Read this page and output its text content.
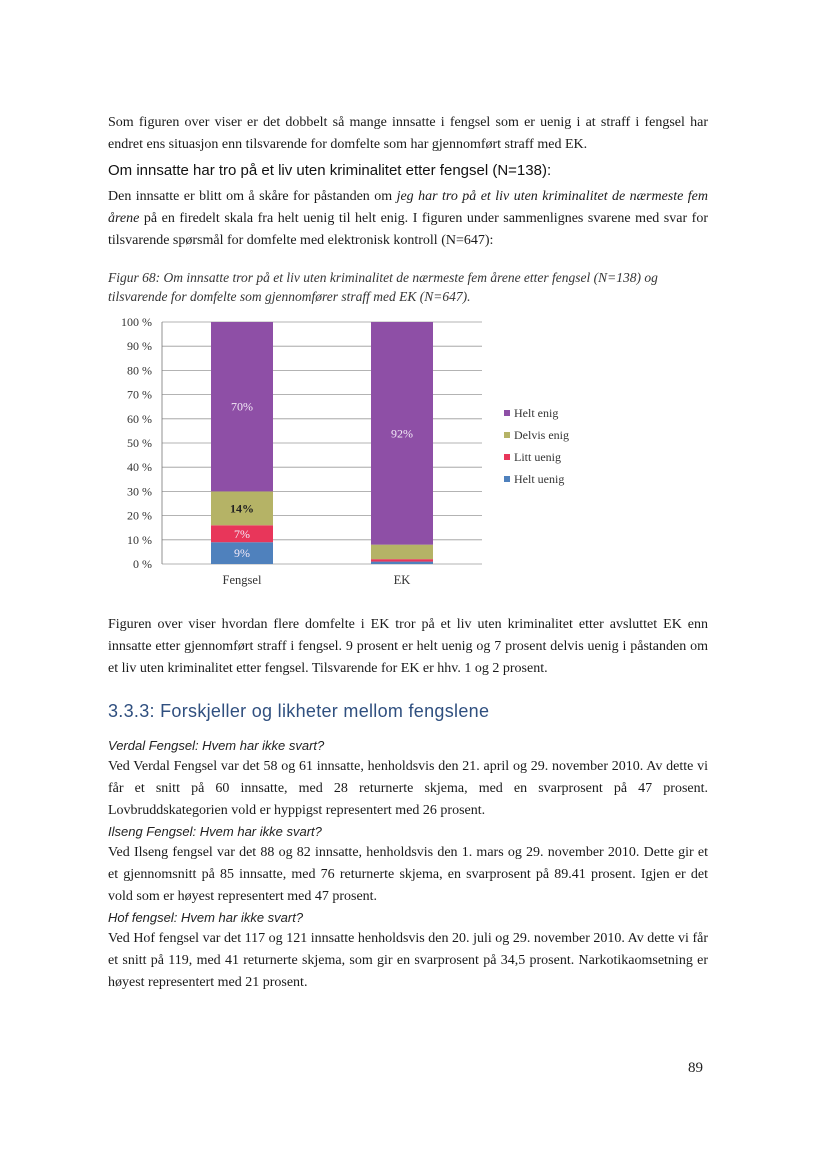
Som figuren over viser er det dobbelt så mange innsatte i fengsel som er uenig i at straff i fengsel har endret ens situasjon enn tilsvarende for domfelte som har gjennomført straff med EK.

Om innsatte har tro på et liv uten kriminalitet etter fengsel (N=138):

Den innsatte er blitt om å skåre for påstanden om jeg har tro på et liv uten kriminalitet de nærmeste fem årene på en firedelt skala fra helt uenig til helt enig. I figuren under sammenlignes svarene med svar for tilsvarende spørsmål for domfelte med elektronisk kontroll (N=647):

Figur 68: Om innsatte tror på et liv uten kriminalitet de nærmeste fem årene etter fengsel (N=138) og tilsvarende for domfelte som gjennomfører straff med EK (N=647).

0 %
10 %
20 %
30 %
40 %
50 %
60 %
70 %
80 %
90 %
100 %
9%
7%
14%
70%
Fengsel
92%
EK
Helt enig
Delvis enig
Litt uenig
Helt uenig

Figuren over viser hvordan flere domfelte i EK tror på et liv uten kriminalitet etter avsluttet EK enn innsatte etter gjennomført straff i fengsel. 9 prosent er helt uenig og 7 prosent delvis uenig i påstanden om et liv uten kriminalitet etter fengsel. Tilsvarende for EK er hhv. 1 og 2 prosent.

3.3.3: Forskjeller og likheter mellom fengslene

Verdal Fengsel: Hvem har ikke svart?

Ved Verdal Fengsel var det 58 og 61 innsatte, henholdsvis den 21. april og 29. november 2010. Av dette vi får et snitt på 60 innsatte, med 28 returnerte skjema, med en svarprosent på 47 prosent. Lovbruddskategorien vold er hyppigst representert med 26 prosent.

Ilseng Fengsel: Hvem har ikke svart?

Ved Ilseng fengsel var det 88 og 82 innsatte, henholdsvis den 1. mars og 29. november 2010. Dette gir et et gjennomsnitt på 85 innsatte, med 76 returnerte skjema, en svarprosent på 89.41 prosent. Igjen er det vold som er høyest representert med 47 prosent.

Hof fengsel: Hvem har ikke svart?

Ved Hof fengsel var det 117 og 121 innsatte henholdsvis den 20. juli og 29. november 2010. Av dette vi får et snitt på 119, med 41 returnerte skjema, som gir en svarprosent på 34,5 prosent. Narkotikaomsetning er høyest representert med 21 prosent.

89
